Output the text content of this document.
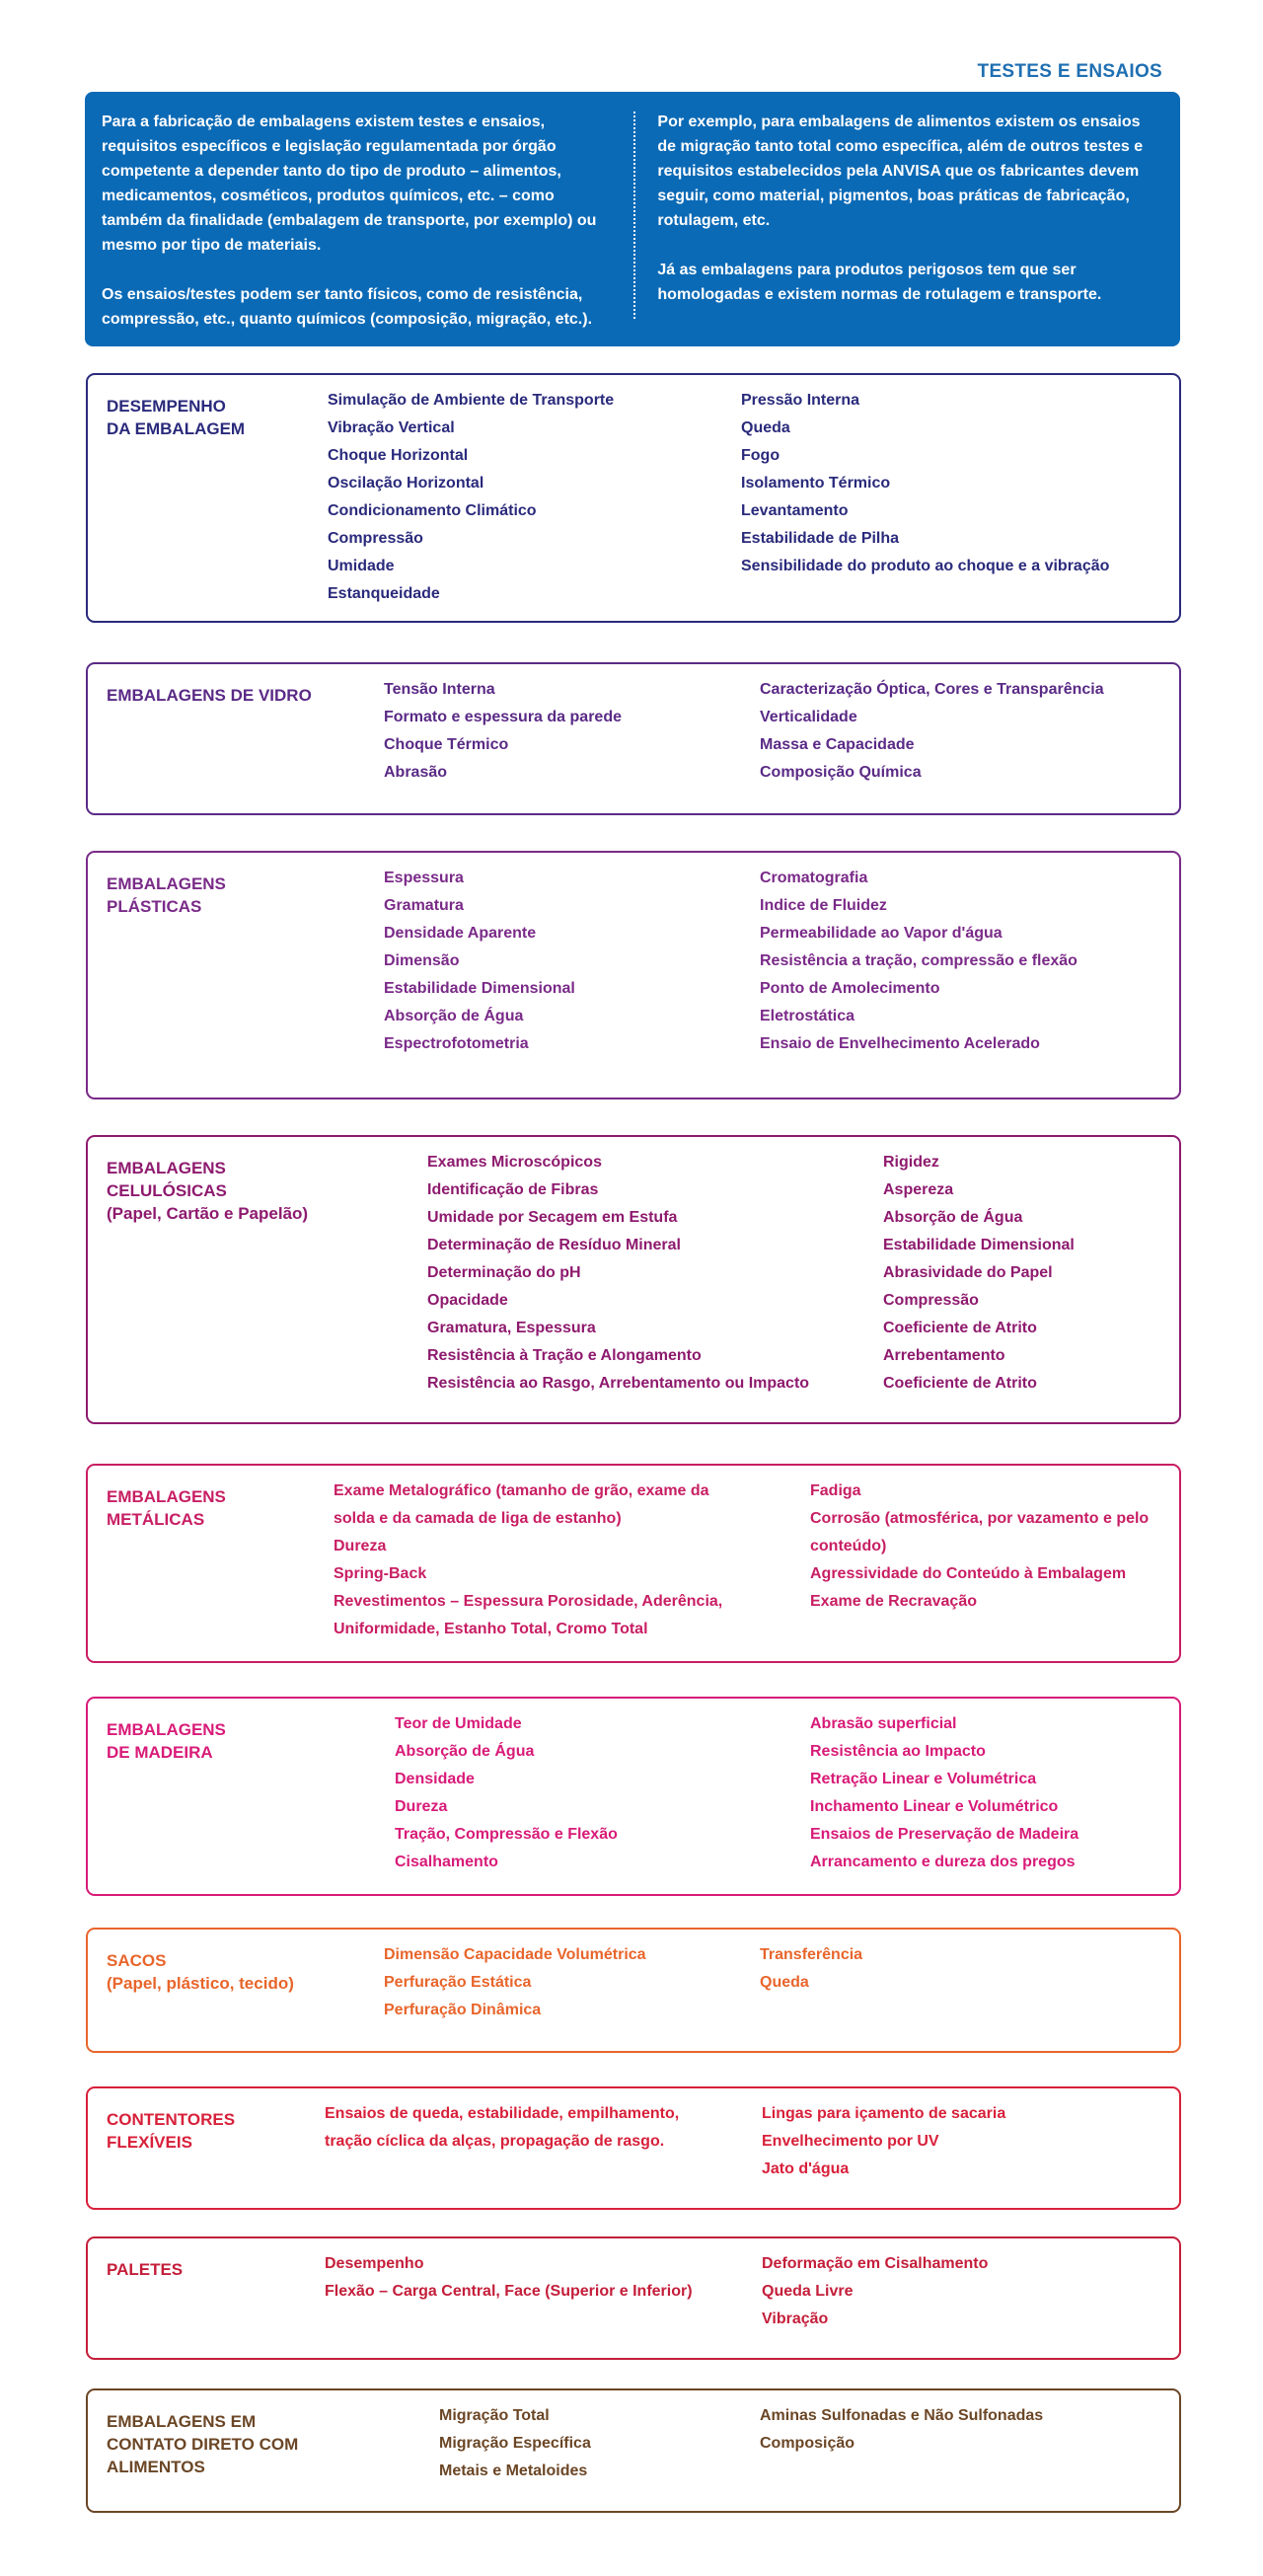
TESTES E ENSAIOS

Para a fabricação de embalagens existem testes e ensaios, requisitos específicos e legislação regulamentada por órgão competente a depender tanto do tipo de produto – alimentos, medicamentos, cosméticos, produtos químicos, etc. – como também da finalidade (embalagem de transporte, por exemplo) ou mesmo por tipo de materiais.

Os ensaios/testes podem ser tanto físicos, como de resistência, compressão, etc., quanto químicos (composição, migração, etc.).

Por exemplo, para embalagens de alimentos existem os ensaios de migração tanto total como específica, além de outros testes e requisitos estabelecidos pela ANVISA que os fabricantes devem seguir, como material, pigmentos, boas práticas de fabricação, rotulagem, etc.

Já as embalagens para produtos perigosos tem que ser homologadas e existem normas de rotulagem e transporte.

DESEMPENHO
DA EMBALAGEM
Simulação de Ambiente de Transporte
Vibração Vertical
Choque Horizontal
Oscilação Horizontal
Condicionamento Climático
Compressão
Umidade
Estanqueidade
Pressão Interna
Queda
Fogo
Isolamento Térmico
Levantamento
Estabilidade de Pilha
Sensibilidade do produto ao choque e a vibração
EMBALAGENS DE VIDRO	Tensão Interna
Formato e espessura da parede
Choque Térmico
Abrasão
Caracterização Óptica, Cores e Transparência
Verticalidade
Massa e Capacidade
Composição Química
EMBALAGENS
PLÁSTICAS
Espessura
Gramatura
Densidade Aparente
Dimensão
Estabilidade Dimensional
Absorção de Água
Espectrofotometria
Cromatografia
Indice de Fluidez
Permeabilidade ao Vapor d'água
Resistência a tração, compressão e flexão
Ponto de Amolecimento
Eletrostática
Ensaio de Envelhecimento Acelerado
EMBALAGENS
CELULÓSICAS
(Papel, Cartão e Papelão)
Exames Microscópicos
Identificação de Fibras
Umidade por Secagem em Estufa
Determinação de Resíduo Mineral
Determinação do pH
Opacidade
Gramatura, Espessura
Resistência à Tração e Alongamento
Resistência ao Rasgo, Arrebentamento ou Impacto
Rigidez
Aspereza
Absorção de Água
Estabilidade Dimensional
Abrasividade do Papel
Compressão
Coeficiente de Atrito
Arrebentamento
Coeficiente de Atrito
EMBALAGENS
METÁLICAS
Exame Metalográfico (tamanho de grão, exame da solda e da camada de liga de estanho)
Dureza
Spring-Back
Revestimentos – Espessura Porosidade, Aderência, Uniformidade, Estanho Total, Cromo Total
Fadiga
Corrosão (atmosférica, por vazamento e pelo conteúdo)
Agressividade do Conteúdo à Embalagem
Exame de Recravação
EMBALAGENS
DE MADEIRA
Teor de Umidade
Absorção de Água
Densidade
Dureza
Tração, Compressão e Flexão
Cisalhamento
Abrasão superficial
Resistência ao Impacto
Retração Linear e Volumétrica
Inchamento Linear e Volumétrico
Ensaios de Preservação de Madeira
Arrancamento e dureza dos pregos
SACOS
(Papel, plástico, tecido)
Dimensão Capacidade Volumétrica
Perfuração Estática
Perfuração Dinâmica
Transferência
Queda
CONTENTORES
FLEXÍVEIS
Ensaios de queda, estabilidade, empilhamento, tração cíclica da alças, propagação de rasgo.
Lingas para içamento de sacaria
Envelhecimento por UV
Jato d'água
PALETES	Desempenho
Flexão – Carga Central, Face (Superior e Inferior)
Deformação em Cisalhamento
Queda Livre
Vibração
EMBALAGENS EM
CONTATO DIRETO COM
ALIMENTOS
Migração Total
Migração Específica
Metais e Metaloides
Aminas Sulfonadas e Não Sulfonadas
Composição
